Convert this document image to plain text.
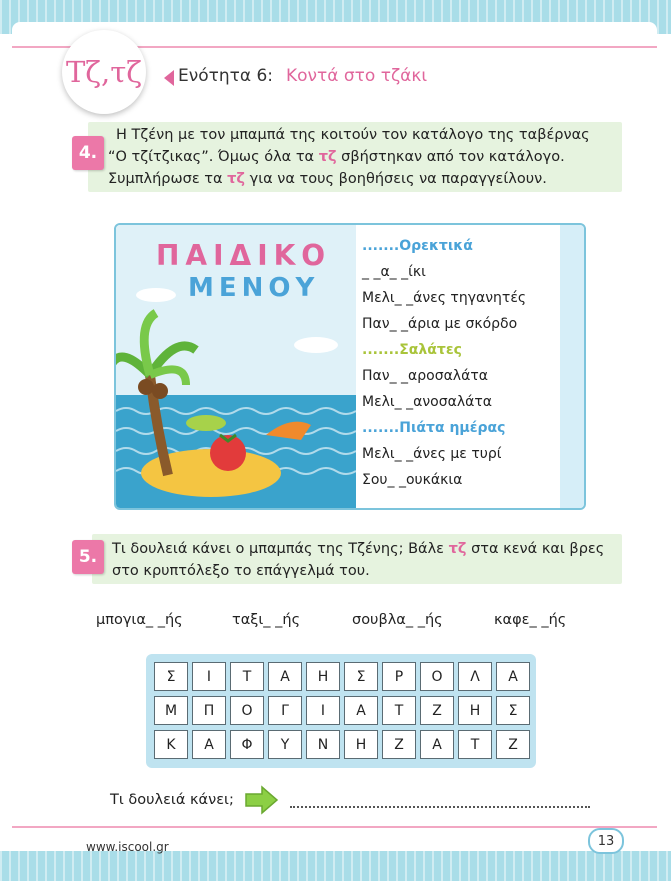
Τζ,τζ Ενότητα 6: Κοντά στο τζάκι
4.
Η Τζένη με τον μπαμπά της κοιτούν τον κατάλογο της ταβέρνας
“Ο τζίτζικας”. Όμως όλα τα τζ σβήστηκαν από τον κατάλογο.
Συμπλήρωσε τα τζ για να τους βοηθήσεις να παραγγείλουν.
ΠΑΙΔΙΚΟ
ΜΕΝΟΥ
.......Ορεκτικά
_ _α_ _ίκι
Μελι_ _άνες τηγανητές
Παν_ _άρια με σκόρδο
.......Σαλάτες
Παν_ _αροσαλάτα
Μελι_ _ανοσαλάτα
.......Πιάτα ημέρας
Μελι_ _άνες με τυρί
Σου_ _ουκάκια
5.	Τι δουλειά κάνει ο μπαμπάς της Τζένης; Βάλε τζ στα κενά και βρες
στο κρυπτόλεξο το επάγγελμά του.
μπογια_ _ής	ταξι_ _ής	σουβλα_ _ής	καφε_ _ής
Σ	Ι	Τ	Α	Η	Σ	Ρ	Ο	Λ	Α
Μ	Π	Ο	Γ	Ι	Α	Τ	Ζ	Η	Σ
Κ	Α	Φ	Υ	Ν	Η	Ζ	Α	Τ	Ζ
Τι δουλειά κάνει;
www.iscool.gr	13
